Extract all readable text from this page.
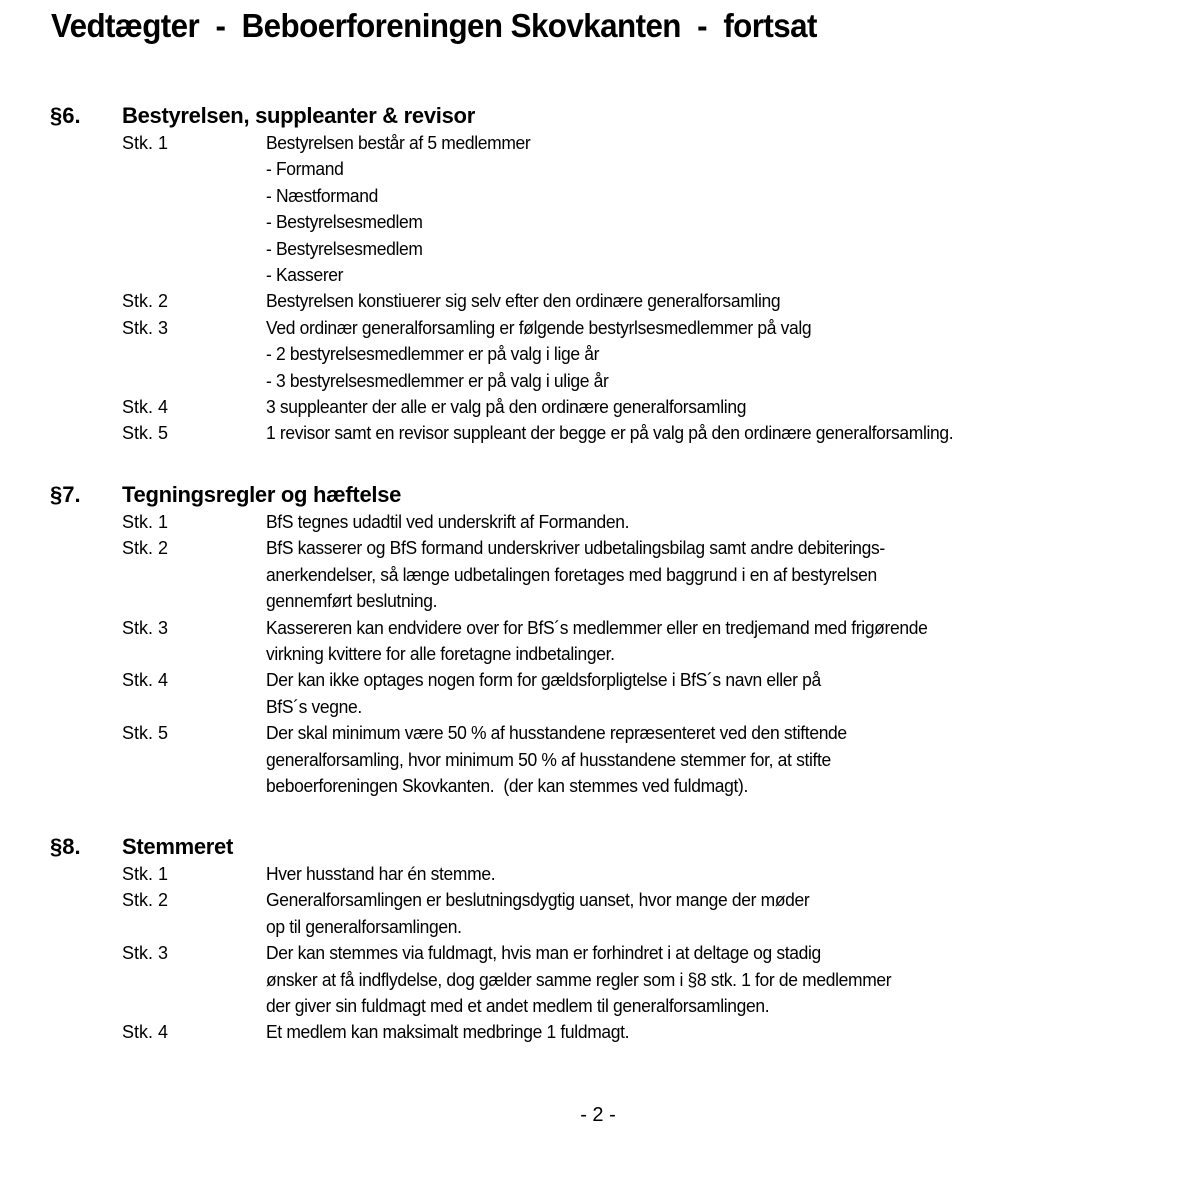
Vedtægter  -  Beboerforeningen Skovkanten  -  fortsat
§6. Bestyrelsen, suppleanter & revisor
Stk. 1	Bestyrelsen består af 5 medlemmer
- Formand
- Næstformand
- Bestyrelsesmedlem
- Bestyrelsesmedlem
- Kasserer
Stk. 2	Bestyrelsen konstiuerer sig selv efter den ordinære generalforsamling
Stk. 3	Ved ordinær generalforsamling er følgende bestyrlsesmedlemmer på valg
- 2 bestyrelsesmedlemmer er på valg i lige år
- 3 bestyrelsesmedlemmer er på valg i ulige år
Stk. 4	3 suppleanter der alle er valg på den ordinære generalforsamling
Stk. 5	1 revisor samt en revisor suppleant der begge er på valg på den ordinære generalforsamling.
§7. Tegningsregler og hæftelse
Stk. 1	BfS tegnes udadtil ved underskrift af Formanden.
Stk. 2	BfS kasserer og BfS formand underskriver udbetalingsbilag samt andre debiterings-
anerkendelser, så længe udbetalingen foretages med baggrund i en af bestyrelsen
gennemført beslutning.
Stk. 3	Kassereren kan endvidere over for BfS´s medlemmer eller en tredjemand med frigørende
virkning kvittere for alle foretagne indbetalinger.
Stk. 4	Der kan ikke optages nogen form for gældsforpligtelse i BfS´s navn eller på
BfS´s vegne.
Stk. 5	Der skal minimum være 50 % af husstandene repræsenteret ved den stiftende
generalforsamling, hvor minimum 50 % af husstandene stemmer for, at stifte
beboerforeningen Skovkanten.  (der kan stemmes ved fuldmagt).
§8. Stemmeret
Stk. 1	Hver husstand har én stemme.
Stk. 2	Generalforsamlingen er beslutningsdygtig uanset, hvor mange der møder
op til generalforsamlingen.
Stk. 3	Der kan stemmes via fuldmagt, hvis man er forhindret i at deltage og stadig
ønsker at få indflydelse, dog gælder samme regler som i §8 stk. 1 for de medlemmer
der giver sin fuldmagt med et andet medlem til generalforsamlingen.
Stk. 4	Et medlem kan maksimalt medbringe 1 fuldmagt.
- 2 -
